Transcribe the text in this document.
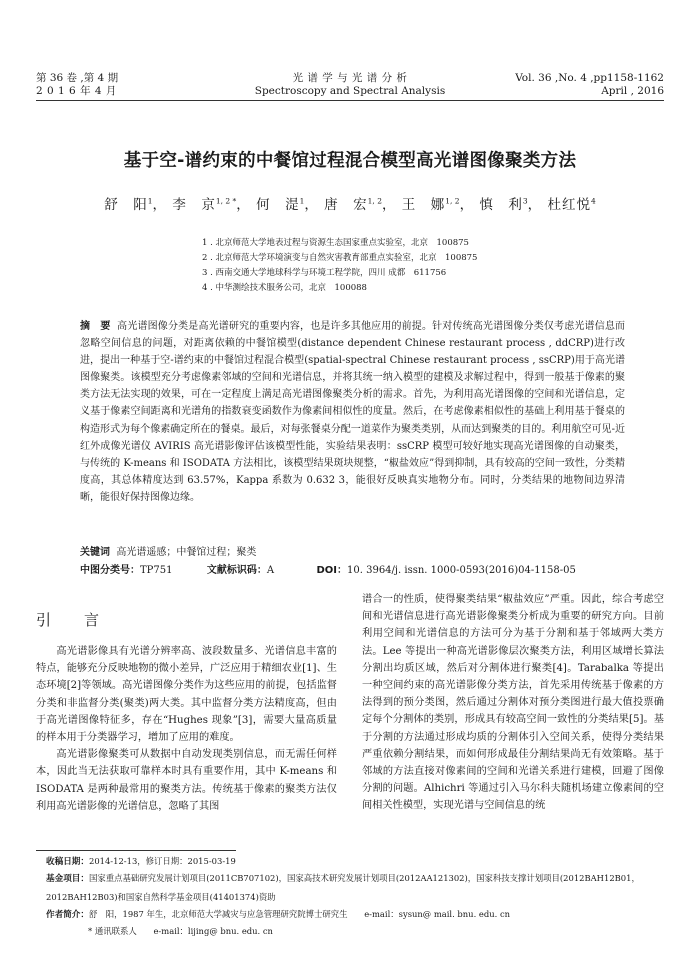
第 36 卷 ,第 4 期
2 0 1 6 年 4 月
光 谱 学 与 光 谱 分 析
Spectroscopy and Spectral Analysis
Vol. 36 ,No. 4 ,pp1158-1162
April , 2016
基于空-谱约束的中餐馆过程混合模型高光谱图像聚类方法
舒　阳$^1$， 李　京$^{1, 2 *}$， 何　湜$^1$， 唐　宏$^{1, 2}$， 王　娜$^{1, 2}$， 慎　利$^3$， 杜红悦$^4$
1 . 北京师范大学地表过程与资源生态国家重点实验室，北京　100875
2 . 北京师范大学环境演变与自然灾害教育部重点实验室，北京　100875
3 . 西南交通大学地球科学与环境工程学院，四川 成都　611756
4 . 中华测绘技术服务公司，北京　100088
摘　要 高光谱图像分类是高光谱研究的重要内容，也是许多其他应用的前提。针对传统高光谱图像分类仅考虑光谱信息而忽略空间信息的问题，对距离依赖的中餐馆模型(distance dependent Chinese restaurant process , ddCRP)进行改进，提出一种基于空-谱约束的中餐馆过程混合模型(spatial-spectral Chinese restaurant process , ssCRP)用于高光谱图像聚类。该模型充分考虑像素邻域的空间和光谱信息，并将其统一纳入模型的建模及求解过程中，得到一般基于像素的聚类方法无法实现的效果，可在一定程度上满足高光谱图像聚类分析的需求。首先，为利用高光谱图像的空间和光谱信息，定义基于像素空间距离和光谱角的指数衰变函数作为像素间相似性的度量。然后，在考虑像素相似性的基础上利用基于餐桌的构造形式为每个像素确定所在的餐桌。最后，对每张餐桌分配一道菜作为聚类类别，从而达到聚类的目的。利用航空可见-近红外成像光谱仪 AVIRIS 高光谱影像评估该模型性能，实验结果表明：ssCRP 模型可较好地实现高光谱图像的自动聚类，与传统的 K-means 和 ISODATA 方法相比，该模型结果斑块规整，“椒盐效应”得到抑制，具有较高的空间一致性，分类精度高，其总体精度达到 63.57%，Kappa 系数为 0.632 3，能很好反映真实地物分布。同时，分类结果的地物间边界清晰，能很好保持图像边缘。
关键词 高光谱遥感；中餐馆过程；聚类
中图分类号：TP751	文献标识码：A	DOI：10. 3964/j. issn. 1000-0593(2016)04-1158-05
引　言

高光谱影像具有光谱分辨率高、波段数量多、光谱信息丰富的特点，能够充分反映地物的微小差异，广泛应用于精细农业[1]、生态环境[2]等领域。高光谱图像分类作为这些应用的前提，包括监督分类和非监督分类(聚类)两大类。其中监督分类方法精度高，但由于高光谱图像特征多，存在“Hughes 现象”[3]，需要大量高质量的样本用于分类器学习，增加了应用的难度。

高光谱影像聚类可从数据中自动发现类别信息，而无需任何样本，因此当无法获取可靠样本时具有重要作用，其中 K-means 和 ISODATA 是两种最常用的聚类方法。传统基于像素的聚类方法仅利用高光谱影像的光谱信息，忽略了其图

谱合一的性质，使得聚类结果“椒盐效应”严重。因此，综合考虑空间和光谱信息进行高光谱影像聚类分析成为重要的研究方向。目前利用空间和光谱信息的方法可分为基于分割和基于邻域两大类方法。Lee 等提出一种高光谱影像层次聚类方法，利用区域增长算法分割出均质区域，然后对分割体进行聚类[4]。Tarabalka 等提出一种空间约束的高光谱影像分类方法，首先采用传统基于像素的方法得到的预分类图，然后通过分割体对预分类图进行最大值投票确定每个分割体的类别，形成具有较高空间一致性的分类结果[5]。基于分割的方法通过形成均质的分割体引入空间关系，使得分类结果严重依赖分割结果，而如何形成最佳分割结果尚无有效策略。基于邻域的方法直接对像素间的空间和光谱关系进行建模，回避了图像分割的问题。Alhichri 等通过引入马尔科夫随机场建立像素间的空间相关性模型，实现光谱与空间信息的统

收稿日期：2014-12-13，修订日期：2015-03-19
基金项目：国家重点基础研究发展计划项目(2011CB707102)，国家高技术研究发展计划项目(2012AA121302)，国家科技支撑计划项目(2012BAH12B01，2012BAH12B03)和国家自然科学基金项目(41401374)资助
作者简介：舒　阳，1987 年生，北京师范大学减灾与应急管理研究院博士研究生　　e-mail：sysun@ mail. bnu. edu. cn
* 通讯联系人　　e-mail：lijing@ bnu. edu. cn
